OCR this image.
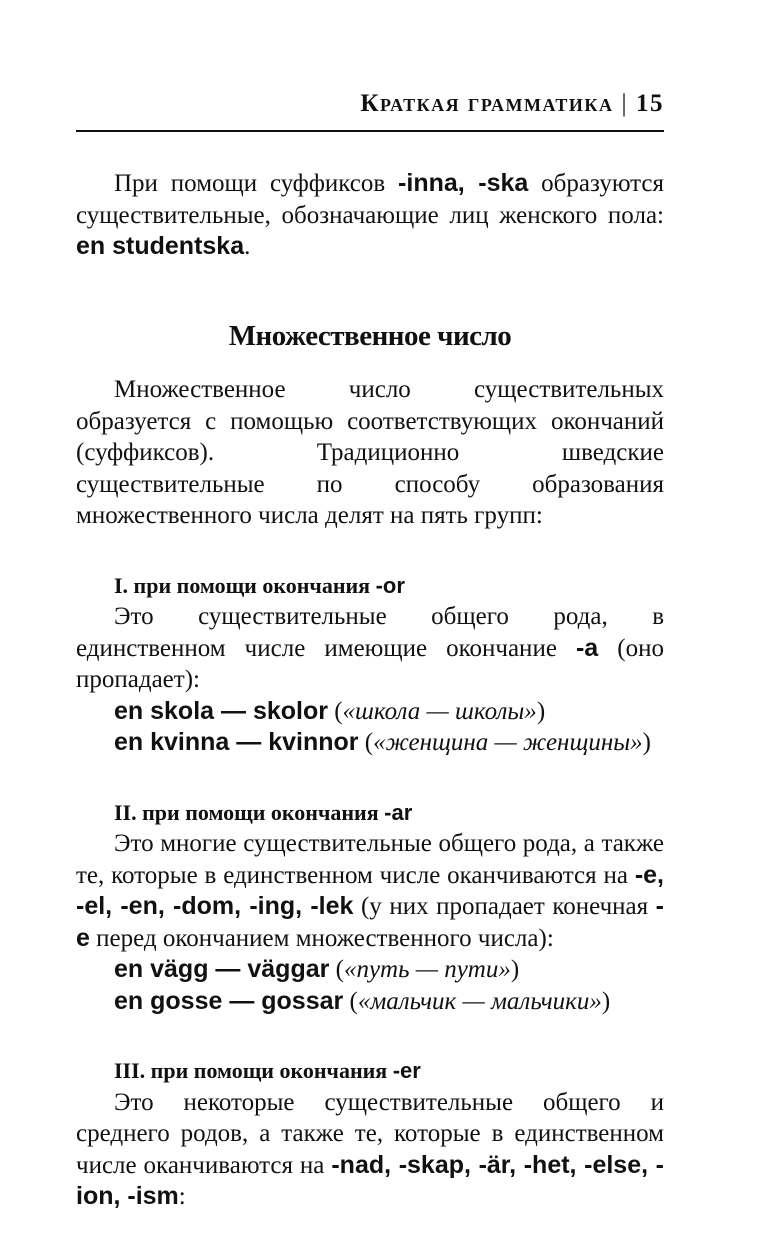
Краткая грамматика | 15

При помощи суффиксов -inna, -ska образуются существительные, обозначающие лиц женского пола: en studentska.

Множественное число

Множественное число существительных образуется с помощью соответствующих окончаний (суффиксов). Традиционно шведские существительные по способу образования множественного числа делят на пять групп:

I. при помощи окончания -or

Это существительные общего рода, в единственном числе имеющие окончание -a (оно пропадает):

en skola — skolor («школа — школы»)

en kvinna — kvinnor («женщина — женщины»)

II. при помощи окончания -ar

Это многие существительные общего рода, а также те, которые в единственном числе оканчиваются на -e, -el, -en, -dom, -ing, -lek (у них пропадает конечная -e перед окончанием множественного числа):

en vägg — väggar («путь — пути»)

en gosse — gossar («мальчик — мальчики»)

III. при помощи окончания -er

Это некоторые существительные общего и среднего родов, а также те, которые в единственном числе оканчиваются на -nad, -skap, -är, -het, -else, -ion, -ism:
